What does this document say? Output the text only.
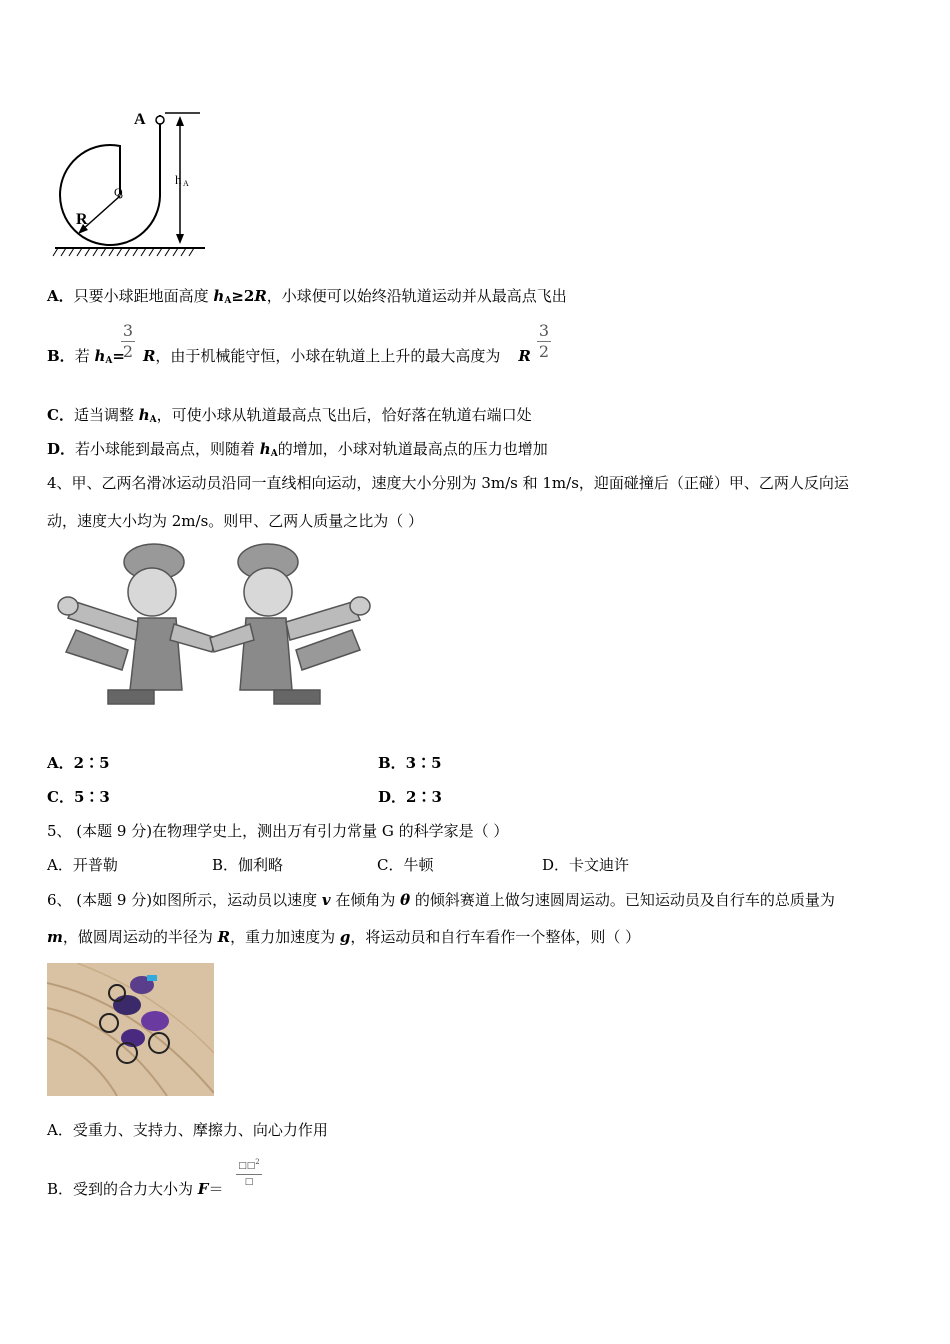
A
O
R
h A
A．只要小球距地面高度 $h_A\ge 2R$，小球便可以始终沿轨道运动并从最高点飞出
B．若 $h_A= R$，由于机械能守恒，小球在轨道上上升的最大高度为 R
3
2
3
2
C．适当调整 $h_A$，可使小球从轨道最高点飞出后，恰好落在轨道右端口处
D．若小球能到最高点，则随着 $h_A$的增加，小球对轨道最高点的压力也增加
4、甲、乙两名滑冰运动员沿同一直线相向运动，速度大小分别为 3m/s 和 1m/s，迎面碰撞后（正碰）甲、乙两人反向运
动，速度大小均为 2m/s。则甲、乙两人质量之比为（ ）
A．2∶5	B．3∶5
C．5∶3	D．2∶3
5、 (本题 9 分)在物理学史上，测出万有引力常量 G 的科学家是（ ）
A．开普勒	B．伽利略	C．牛顿	D．卡文迪许
6、 (本题 9 分)如图所示，运动员以速度 v 在倾角为 θ 的倾斜赛道上做匀速圆周运动。已知运动员及自行车的总质量为
m，做圆周运动的半径为 R，重力加速度为 g，将运动员和自行车看作一个整体，则（ ）
A．受重力、支持力、摩擦力、向心力作用
B．受到的合力大小为 F＝
□□$^2$
□
